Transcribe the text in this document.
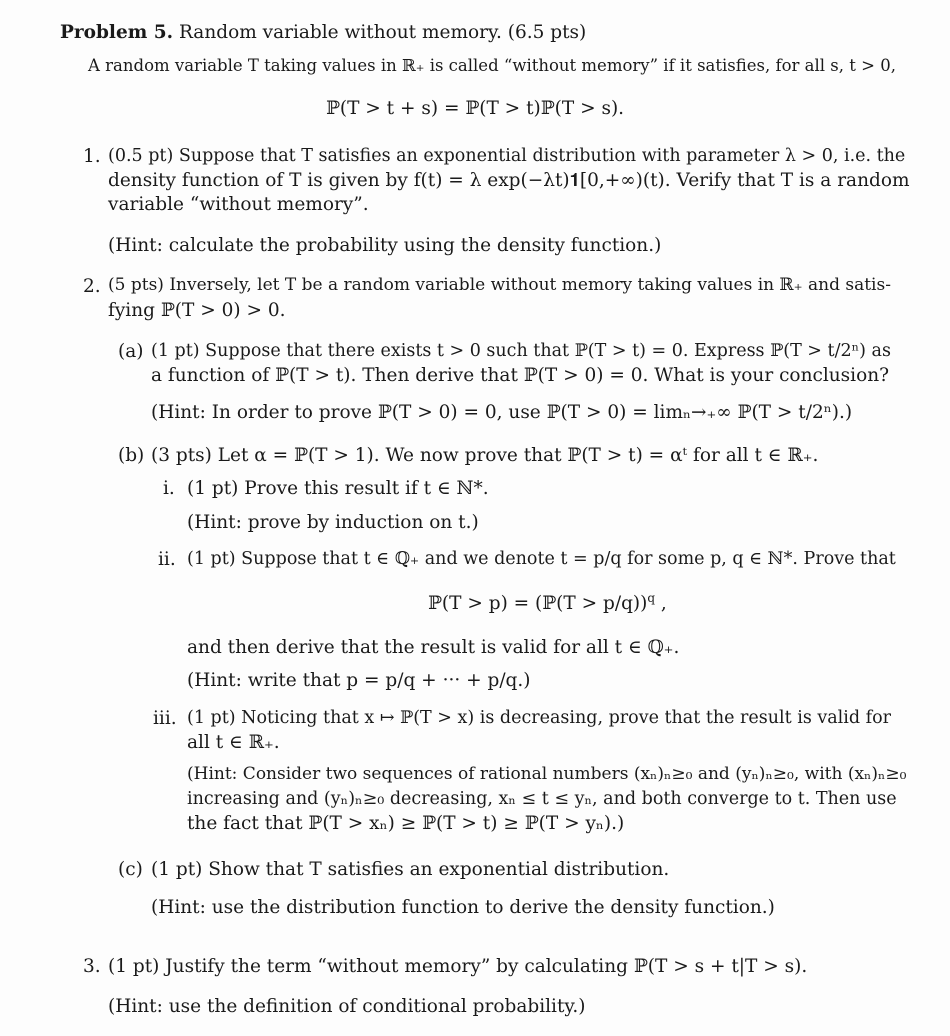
Problem 5. Random variable without memory. (6.5 pts)
A random variable T taking values in ℝ₊ is called “without memory” if it satisfies, for all s, t > 0,
ℙ(T > t + s) = ℙ(T > t)ℙ(T > s).
1. (0.5 pt) Suppose that T satisfies an exponential distribution with parameter λ > 0, i.e. the
density function of T is given by f(t) = λ exp(−λt)𝟏[0,+∞)(t). Verify that T is a random
variable “without memory”.
(Hint: calculate the probability using the density function.)
2. (5 pts) Inversely, let T be a random variable without memory taking values in ℝ₊ and satis-
fying ℙ(T > 0) > 0.
(a) (1 pt) Suppose that there exists t > 0 such that ℙ(T > t) = 0. Express ℙ(T > t/2ⁿ) as
a function of ℙ(T > t). Then derive that ℙ(T > 0) = 0. What is your conclusion?
(Hint: In order to prove ℙ(T > 0) = 0, use ℙ(T > 0) = limₙ→₊∞ ℙ(T > t/2ⁿ).)
(b) (3 pts) Let α = ℙ(T > 1). We now prove that ℙ(T > t) = αᵗ for all t ∈ ℝ₊.
i. (1 pt) Prove this result if t ∈ ℕ*.
(Hint: prove by induction on t.)
ii. (1 pt) Suppose that t ∈ ℚ₊ and we denote t = p/q for some p, q ∈ ℕ*. Prove that
ℙ(T > p) = (ℙ(T > p/q))$^q$ ,
and then derive that the result is valid for all t ∈ ℚ₊.
(Hint: write that p = p/q + ··· + p/q.)
iii. (1 pt) Noticing that x ↦ ℙ(T > x) is decreasing, prove that the result is valid for
all t ∈ ℝ₊.
(Hint: Consider two sequences of rational numbers (xₙ)ₙ≥₀ and (yₙ)ₙ≥₀, with (xₙ)ₙ≥₀
increasing and (yₙ)ₙ≥₀ decreasing, xₙ ≤ t ≤ yₙ, and both converge to t. Then use
the fact that ℙ(T > xₙ) ≥ ℙ(T > t) ≥ ℙ(T > yₙ).)
(c) (1 pt) Show that T satisfies an exponential distribution.
(Hint: use the distribution function to derive the density function.)
3. (1 pt) Justify the term “without memory” by calculating ℙ(T > s + t|T > s).
(Hint: use the definition of conditional probability.)
